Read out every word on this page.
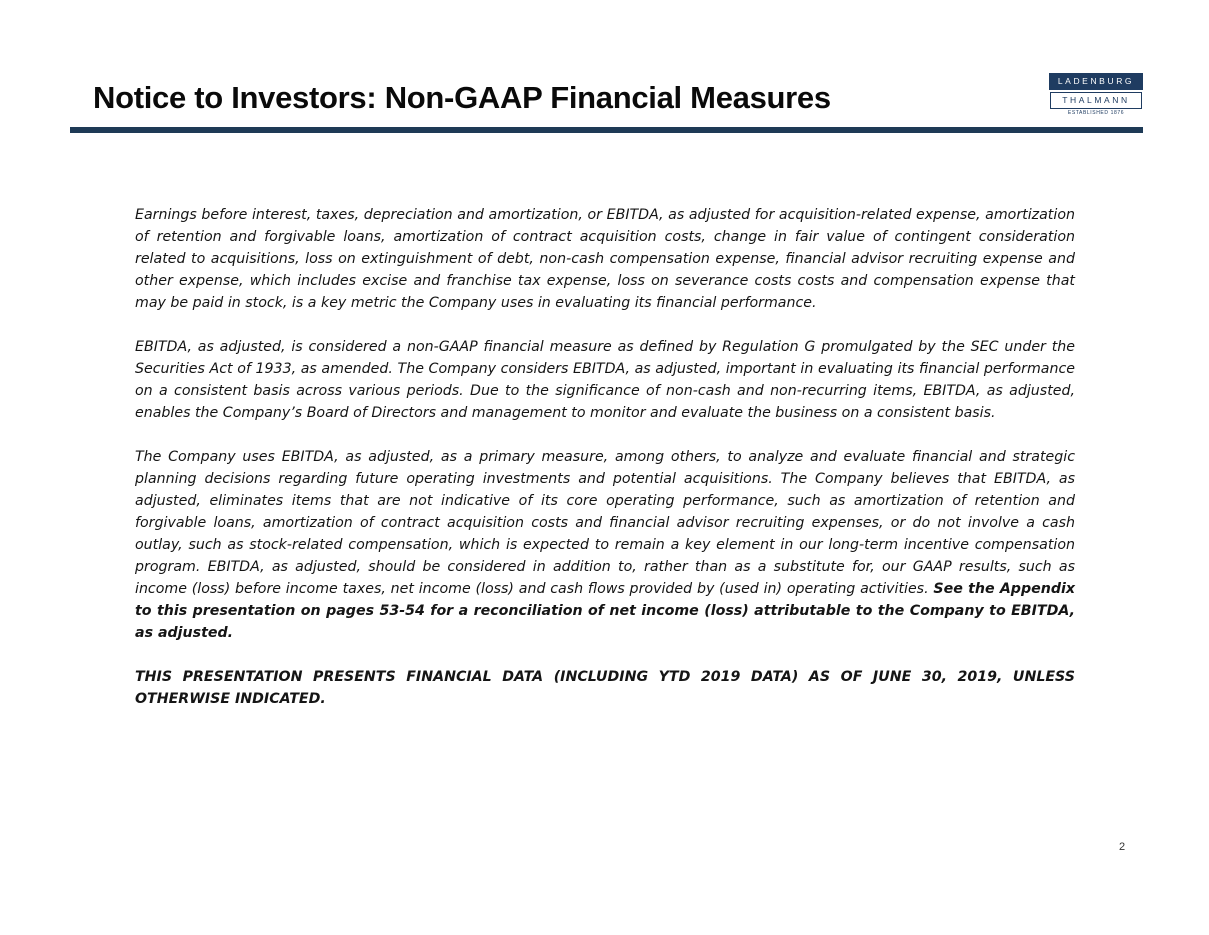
Notice to Investors: Non-GAAP Financial Measures	LADENBURG
THALMANN
ESTABLISHED 1876

Earnings before interest, taxes, depreciation and amortization, or EBITDA, as adjusted for acquisition-related expense, amortization of retention and forgivable loans, amortization of contract acquisition costs, change in fair value of contingent consideration related to acquisitions, loss on extinguishment of debt, non-cash compensation expense, financial advisor recruiting expense and other expense, which includes excise and franchise tax expense, loss on severance costs costs and compensation expense that may be paid in stock, is a key metric the Company uses in evaluating its financial performance.

EBITDA, as adjusted, is considered a non-GAAP financial measure as defined by Regulation G promulgated by the SEC under the Securities Act of 1933, as amended. The Company considers EBITDA, as adjusted, important in evaluating its financial performance on a consistent basis across various periods. Due to the significance of non-cash and non-recurring items, EBITDA, as adjusted, enables the Company’s Board of Directors and management to monitor and evaluate the business on a consistent basis.

The Company uses EBITDA, as adjusted, as a primary measure, among others, to analyze and evaluate financial and strategic planning decisions regarding future operating investments and potential acquisitions. The Company believes that EBITDA, as adjusted, eliminates items that are not indicative of its core operating performance, such as amortization of retention and forgivable loans, amortization of contract acquisition costs and financial advisor recruiting expenses, or do not involve a cash outlay, such as stock-related compensation, which is expected to remain a key element in our long-term incentive compensation program. EBITDA, as adjusted, should be considered in addition to, rather than as a substitute for, our GAAP results, such as income (loss) before income taxes, net income (loss) and cash flows provided by (used in) operating activities. See the Appendix to this presentation on pages 53-54 for a reconciliation of net income (loss) attributable to the Company to EBITDA, as adjusted.

THIS PRESENTATION PRESENTS FINANCIAL DATA (INCLUDING YTD 2019 DATA) AS OF JUNE 30, 2019, UNLESS OTHERWISE INDICATED.

2
